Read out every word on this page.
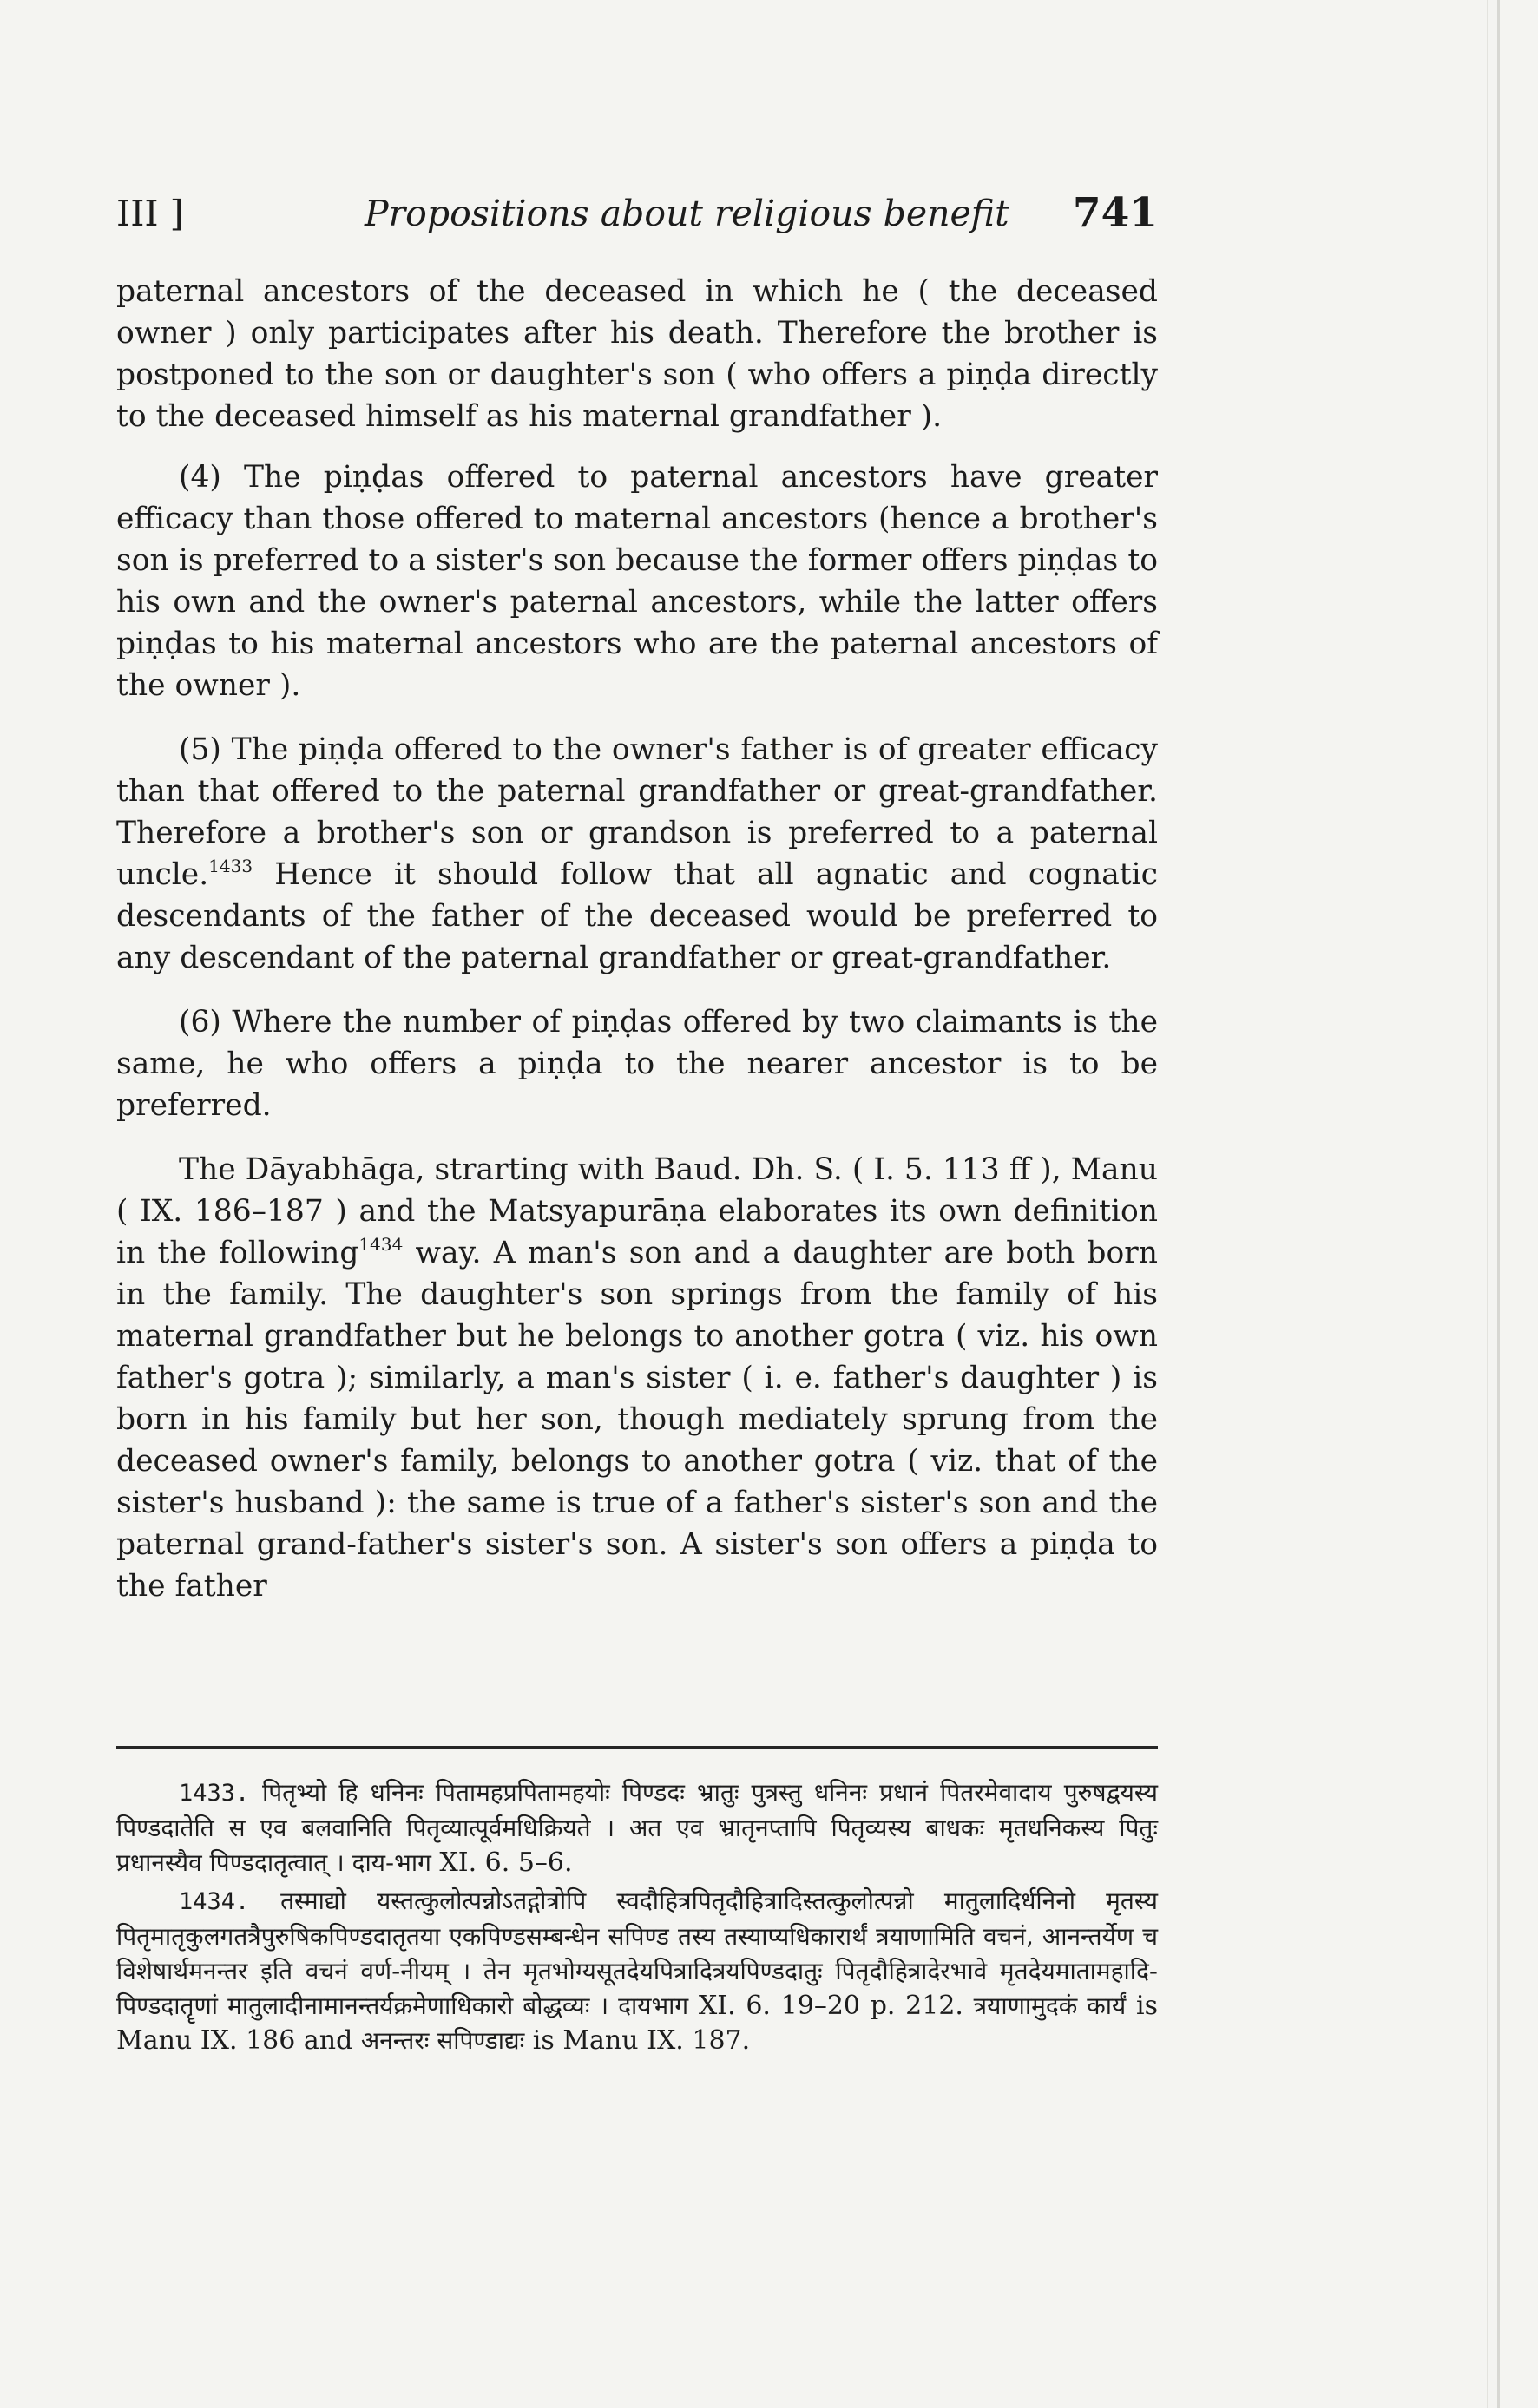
III ]	Propositions about religious benefit 741

paternal ancestors of the deceased in which he ( the deceased owner ) only participates after his death. Therefore the brother is postponed to the son or daughter's son ( who offers a piṇḍa directly to the deceased himself as his maternal grandfather ).

(4) The piṇḍas offered to paternal ancestors have greater efficacy than those offered to maternal ancestors (hence a brother's son is preferred to a sister's son because the former offers piṇḍas to his own and the owner's paternal ancestors, while the latter offers piṇḍas to his maternal ancestors who are the paternal ancestors of the owner ).

(5) The piṇḍa offered to the owner's father is of greater efficacy than that offered to the paternal grandfather or great-grandfather. Therefore a brother's son or grandson is preferred to a paternal uncle.$^{1433}$ Hence it should follow that all agnatic and cognatic descendants of the father of the deceased would be preferred to any descendant of the paternal grandfather or great-grandfather.

(6) Where the number of piṇḍas offered by two claimants is the same, he who offers a piṇḍa to the nearer ancestor is to be preferred.

The Dāyabhāga, strarting with Baud. Dh. S. ( I. 5. 113 ff ), Manu ( IX. 186–187 ) and the Matsyapurāṇa elaborates its own definition in the following$^{1434}$ way. A man's son and a daughter are both born in the family. The daughter's son springs from the family of his maternal grandfather but he belongs to another gotra ( viz. his own father's gotra ); similarly, a man's sister ( i. e. father's daughter ) is born in his family but her son, though mediately sprung from the deceased owner's family, belongs to another gotra ( viz. that of the sister's husband ): the same is true of a father's sister's son and the paternal grand-father's sister's son. A sister's son offers a piṇḍa to the father

1433. पितृभ्यो हि धनिनः पितामहप्रपितामहयोः पिण्डदः भ्रातुः पुत्रस्तु धनिनः प्रधानं पितरमेवादाय पुरुषद्वयस्य पिण्डदातेति स एव बलवानिति पितृव्यात्पूर्वमधिक्रियते । अत एव भ्रातृनप्तापि पितृव्यस्य बाधकः मृतधनिकस्य पितुः प्रधानस्यैव पिण्डदातृत्वात् । दाय-भाग XI. 6. 5–6.

1434. तस्माद्यो यस्तत्कुलोत्पन्नोऽतद्गोत्रोपि स्वदौहित्रपितृदौहित्रादिस्तत्कुलोत्पन्नो मातुलादिर्धनिनो मृतस्य पितृमातृकुलगतत्रैपुरुषिकपिण्डदातृतया एकपिण्डसम्बन्धेन सपिण्ड तस्य तस्याप्यधिकारार्थं त्रयाणामिति वचनं, आनन्तर्येण च विशेषार्थमनन्तर इति वचनं वर्ण-नीयम् । तेन मृतभोग्यसूतदेयपित्रादित्रयपिण्डदातुः पितृदौहित्रादेरभावे मृतदेयमातामहादि-पिण्डदातॄणां मातुलादीनामानन्तर्यक्रमेणाधिकारो बोद्धव्यः । दायभाग XI. 6. 19–20 p. 212. त्रयाणामुदकं कार्यं is Manu IX. 186 and अनन्तरः सपिण्डाद्यः is Manu IX. 187.
